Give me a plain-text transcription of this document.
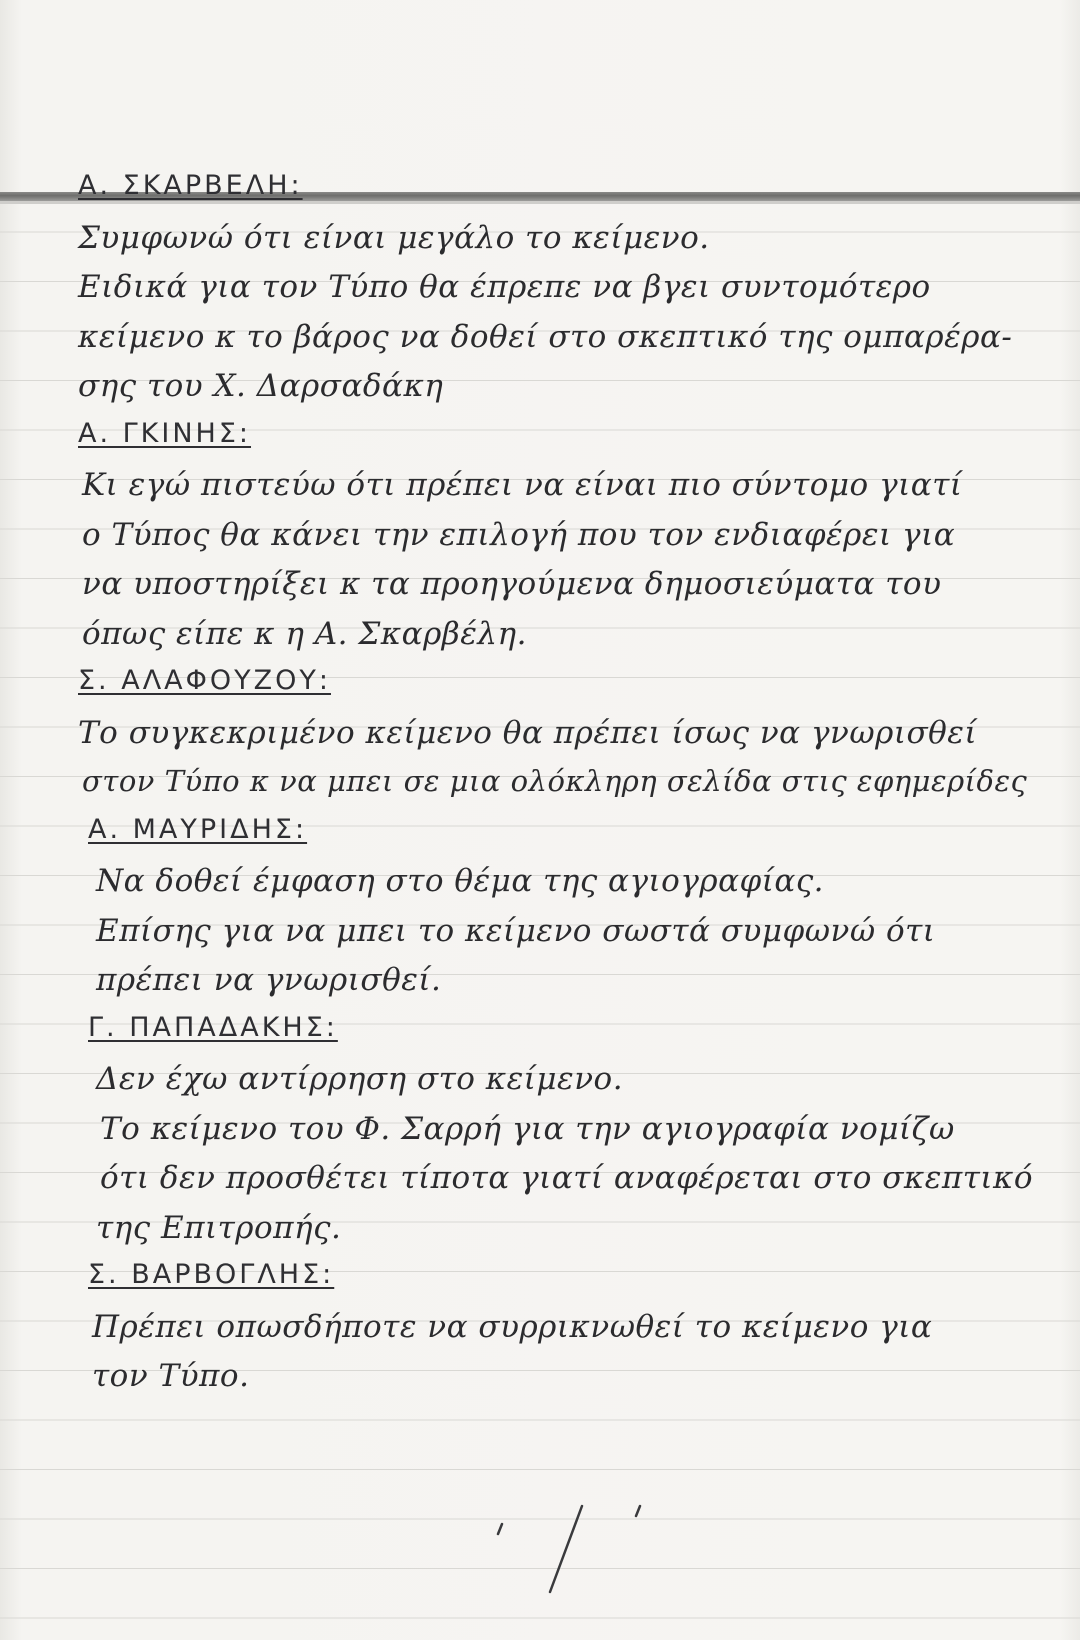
Α. ΣΚΑΡΒΕΛΗ:
Συμφωνώ ότι είναι μεγάλο το κείμενο.
Ειδικά για τον Τύπο θα έπρεπε να βγει συντομότερο
κείμενο κ το βάρος να δοθεί στο σκεπτικό της ομπαρέρα-
σης του Χ. Δαρσαδάκη
Α. ΓΚΙΝΗΣ:
Κι εγώ πιστεύω ότι πρέπει να είναι πιο σύντομο γιατί
ο Τύπος θα κάνει την επιλογή που τον ενδιαφέρει για
να υποστηρίξει κ τα προηγούμενα δημοσιεύματα του
όπως είπε κ η Α. Σκαρβέλη.
Σ. ΑΛΑΦΟΥΖΟΥ:
Το συγκεκριμένο κείμενο θα πρέπει ίσως να γνωρισθεί
στον Τύπο κ να μπει σε μια ολόκληρη σελίδα στις εφημερίδες
Α. ΜΑΥΡΙΔΗΣ:
Να δοθεί έμφαση στο θέμα της αγιογραφίας.
Επίσης για να μπει το κείμενο σωστά συμφωνώ ότι
πρέπει να γνωρισθεί.
Γ. ΠΑΠΑΔΑΚΗΣ:
Δεν έχω αντίρρηση στο κείμενο.
Το κείμενο του Φ. Σαρρή για την αγιογραφία νομίζω
ότι δεν προσθέτει τίποτα γιατί αναφέρεται στο σκεπτικό
της Επιτροπής.
Σ. ΒΑΡΒΟΓΛΗΣ:
Πρέπει οπωσδήποτε να συρρικνωθεί το κείμενο για
τον Τύπο.
